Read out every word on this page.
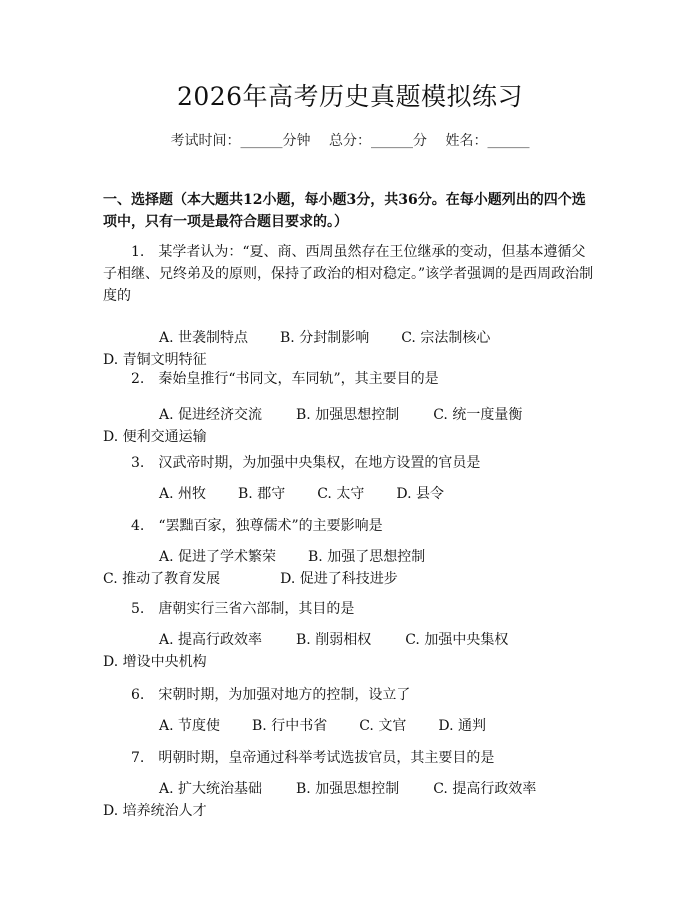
2026年高考历史真题模拟练习
考试时间：______分钟 总分：______分 姓名：______

一、选择题（本大题共12小题，每小题3分，共36分。在每小题列出的四个选项中，只有一项是最符合题目要求的。）

1.　某学者认为：“夏、商、西周虽然存在王位继承的变动，但基本遵循父子相继、兄终弟及的原则，保持了政治的相对稳定。”该学者强调的是西周政治制度的
A. 世袭制特点 B. 分封制影响 C. 宗法制核心D. 青铜文明特征
2.　秦始皇推行“书同文，车同轨”，其主要目的是
A. 促进经济交流 B. 加强思想控制 C. 统一度量衡D. 便利交通运输
3.　汉武帝时期，为加强中央集权，在地方设置的官员是
A. 州牧 B. 郡守 C. 太守 D. 县令
4.　“罢黜百家，独尊儒术”的主要影响是
A. 促进了学术繁荣 B. 加强了思想控制C. 推动了教育发展	D. 促进了科技进步
5.　唐朝实行三省六部制，其目的是
A. 提高行政效率 B. 削弱相权 C. 加强中央集权D. 增设中央机构
6.　宋朝时期，为加强对地方的控制，设立了
A. 节度使 B. 行中书省 C. 文官 D. 通判
7.　明朝时期，皇帝通过科举考试选拔官员，其主要目的是
A. 扩大统治基础 B. 加强思想控制 C. 提高行政效率D. 培养统治人才
